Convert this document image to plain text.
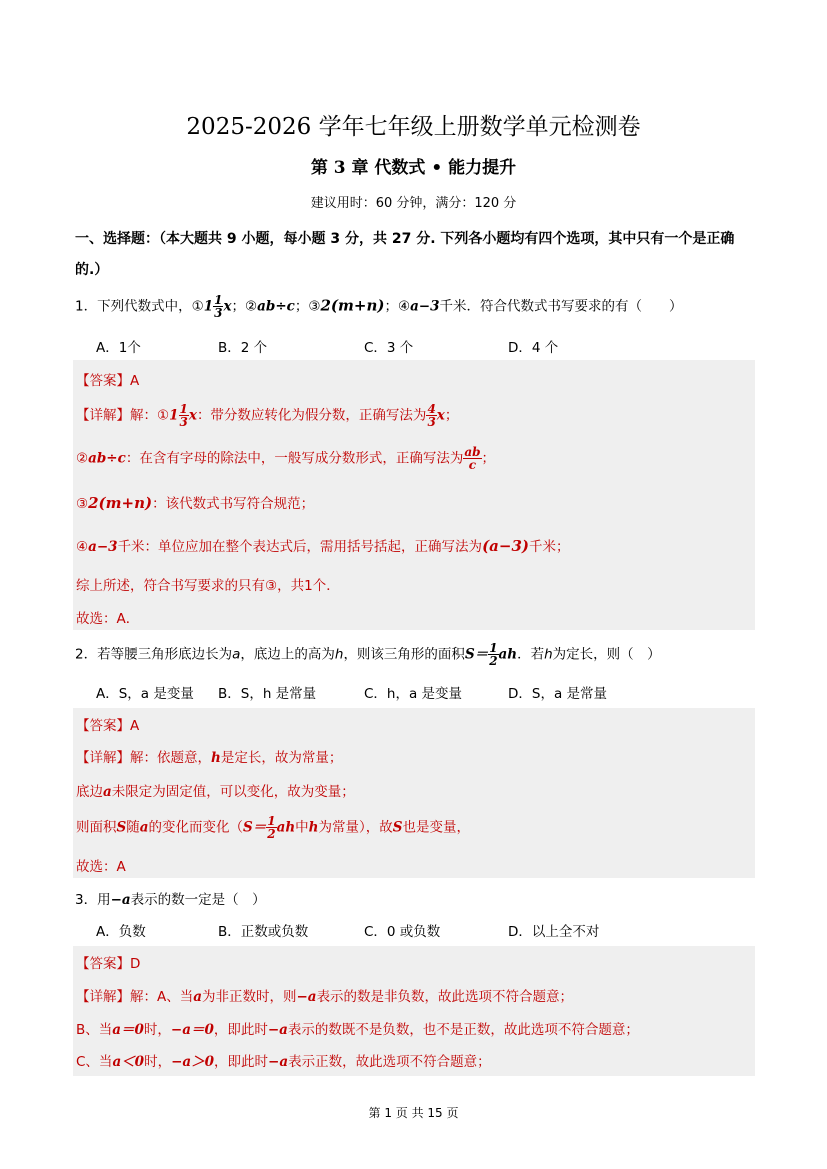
2025-2026 学年七年级上册数学单元检测卷
第 3 章 代数式 • 能力提升
建议用时：60 分钟，满分：120 分
一、选择题：（本大题共 9 小题，每小题 3 分，共 27 分. 下列各小题均有四个选项，其中只有一个是正确
的.）
1．下列代数式中，①1 $\frac{1}{3}$ x；②ab÷c；③2(m+n)；④a−3千米．符合代数式书写要求的有（　　）
A．1个	B．2 个	C．3 个	D．4 个
【答案】A
【详解】解：①1 $\frac{1}{3}$ x：带分数应转化为假分数，正确写法为 $\frac{4}{3}$ x；
②ab÷c：在含有字母的除法中，一般写成分数形式，正确写法为 $\frac{ab}{c}$ ；
③2(m+n)：该代数式书写符合规范；
④a−3千米：单位应加在整个表达式后，需用括号括起，正确写法为(a−3)千米；
综上所述，符合书写要求的只有③，共1个．
故选：A．
2．若等腰三角形底边长为a，底边上的高为h，则该三角形的面积$S= \frac{1}{2}$ ah．若h为定长，则（　）
A．S，a 是变量 B．S，h 是常量	C．h，a 是变量	D．S，a 是常量
【答案】A
【详解】解：依题意，h是定长，故为常量；
底边a未限定为固定值，可以变化，故为变量；
则面积S随a的变化而变化（$S= \frac{1}{2}$ ah中h为常量），故S也是变量，
故选：A
3．用−a表示的数一定是（　）
A．负数	B．正数或负数	C．0 或负数	D．以上全不对
【答案】D
【详解】解：A、当a为非正数时，则−a表示的数是非负数，故此选项不符合题意；
B、当a＝0时，−a＝0，即此时−a表示的数既不是负数，也不是正数，故此选项不符合题意；
C、当a＜0时，−a＞0，即此时−a表示正数，故此选项不符合题意；
第 1 页 共 15 页
